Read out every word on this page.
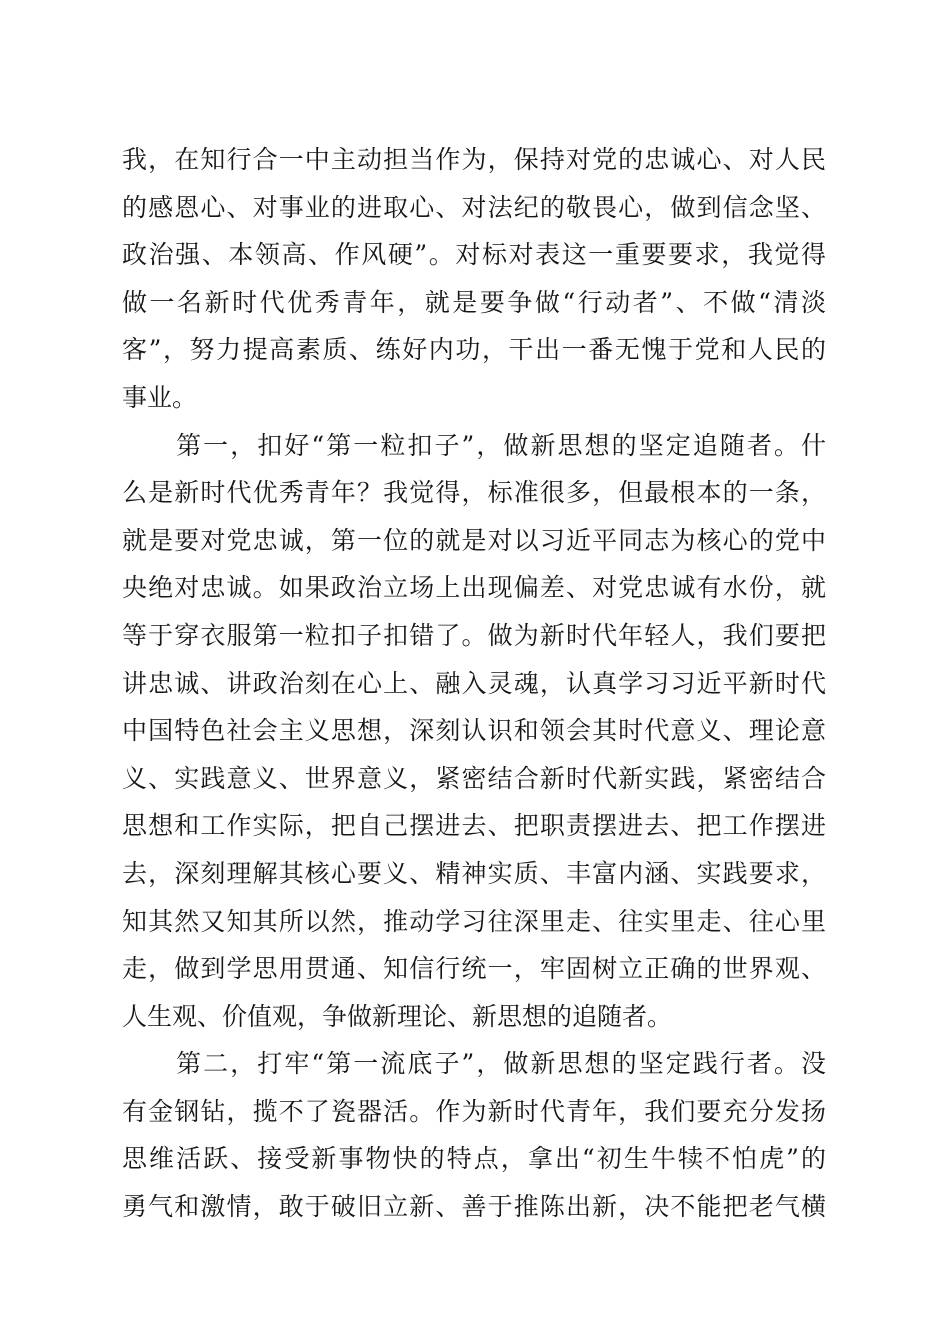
我，在知行合一中主动担当作为，保持对党的忠诚心、对人民
的感恩心、对事业的进取心、对法纪的敬畏心，做到信念坚、
政治强、本领高、作风硬”。对标对表这一重要要求，我觉得
做一名新时代优秀青年，就是要争做“行动者”、不做“清淡
客”，努力提高素质、练好内功，干出一番无愧于党和人民的
事业。
　　第一，扣好“第一粒扣子”，做新思想的坚定追随者。什
么是新时代优秀青年？我觉得，标准很多，但最根本的一条，
就是要对党忠诚，第一位的就是对以习近平同志为核心的党中
央绝对忠诚。如果政治立场上出现偏差、对党忠诚有水份，就
等于穿衣服第一粒扣子扣错了。做为新时代年轻人，我们要把
讲忠诚、讲政治刻在心上、融入灵魂，认真学习习近平新时代
中国特色社会主义思想，深刻认识和领会其时代意义、理论意
义、实践意义、世界意义，紧密结合新时代新实践，紧密结合
思想和工作实际，把自己摆进去、把职责摆进去、把工作摆进
去，深刻理解其核心要义、精神实质、丰富内涵、实践要求，
知其然又知其所以然，推动学习往深里走、往实里走、往心里
走，做到学思用贯通、知信行统一，牢固树立正确的世界观、
人生观、价值观，争做新理论、新思想的追随者。
　　第二，打牢“第一流底子”，做新思想的坚定践行者。没
有金钢钻，揽不了瓷器活。作为新时代青年，我们要充分发扬
思维活跃、接受新事物快的特点，拿出“初生牛犊不怕虎”的
勇气和激情，敢于破旧立新、善于推陈出新，决不能把老气横
